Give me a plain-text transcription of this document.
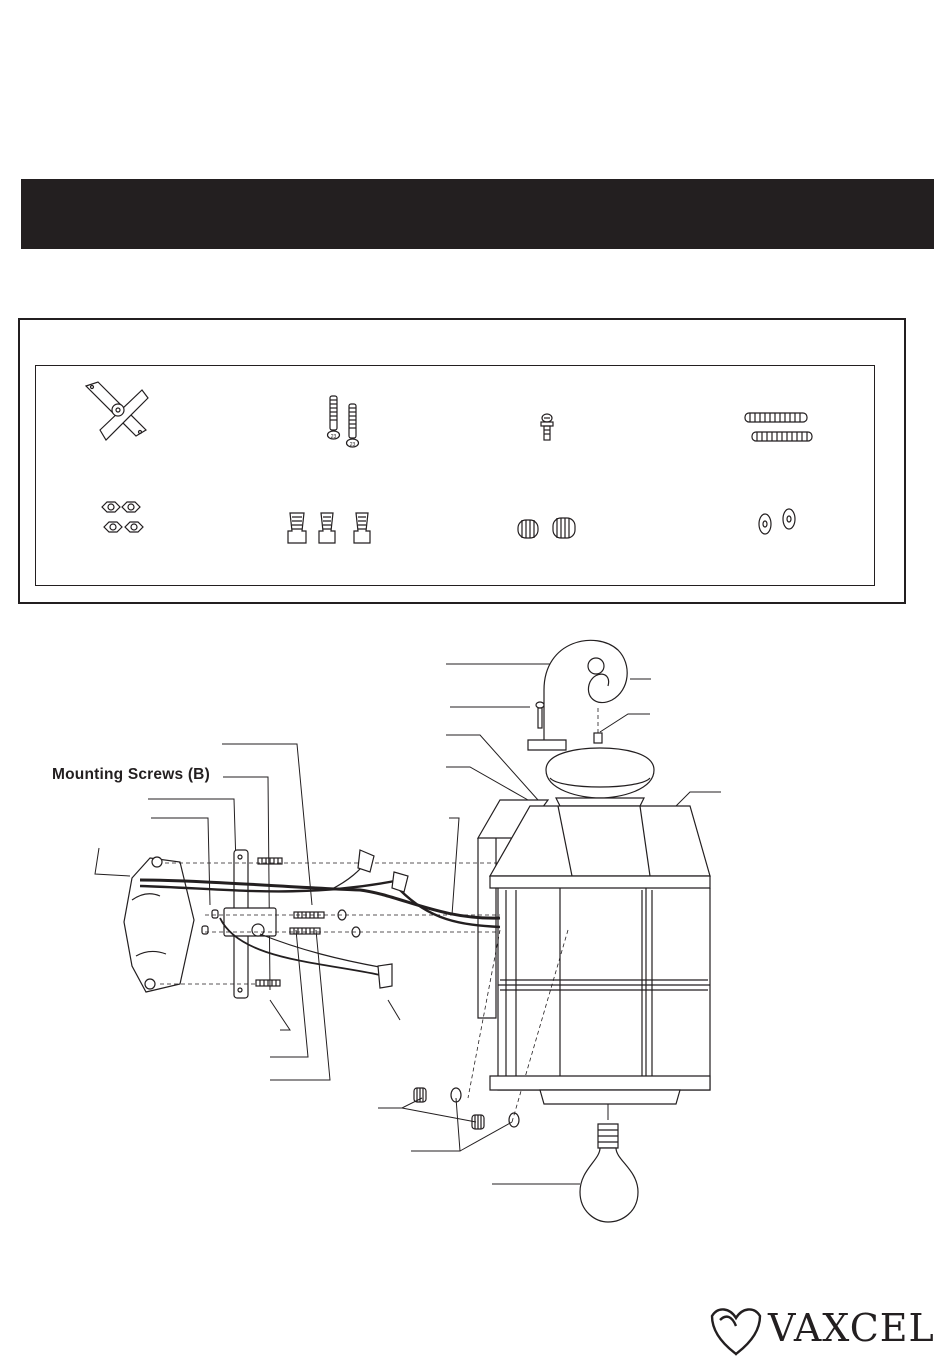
23
23
Mounting Screws (B)
VAXCEL
